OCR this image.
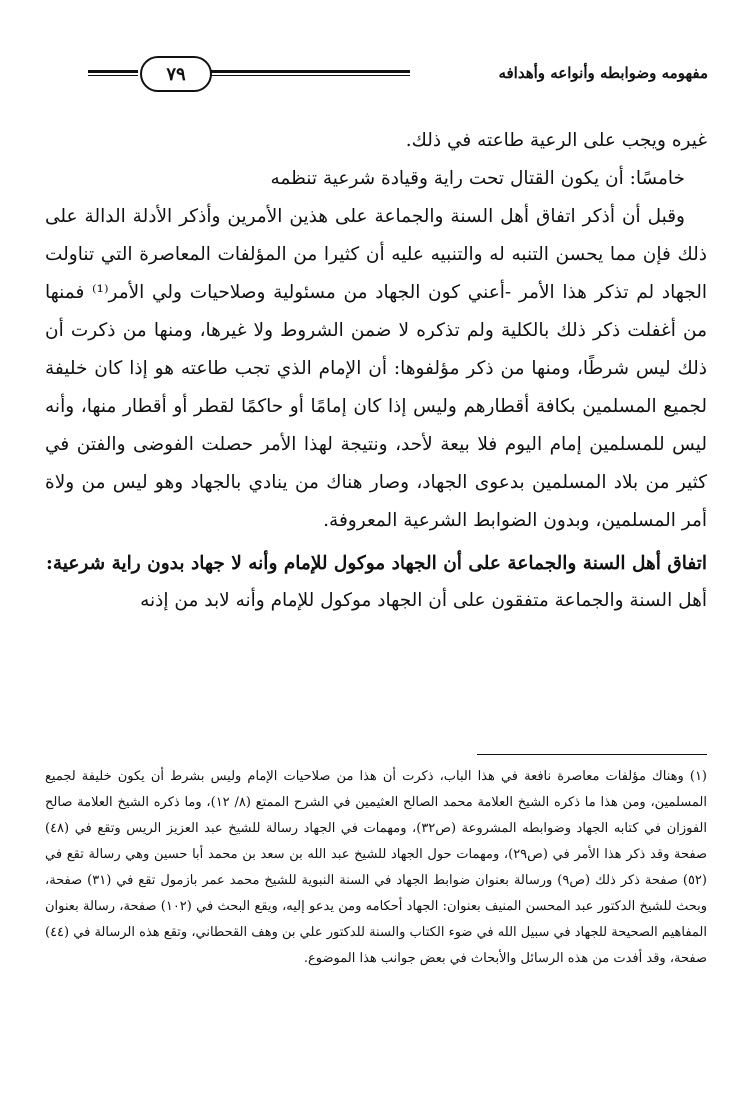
٧٩	مفهومه وضوابطه وأنواعه وأهدافه

غيره ويجب على الرعية طاعته في ذلك.

خامسًا: أن يكون القتال تحت راية وقيادة شرعية تنظمه

وقبل أن أذكر اتفاق أهل السنة والجماعة على هذين الأمرين وأذكر الأدلة الدالة على ذلك فإن مما يحسن التنبه له والتنبيه عليه أن كثيرا من المؤلفات المعاصرة التي تناولت الجهاد لم تذكر هذا الأمر -أعني كون الجهاد من مسئولية وصلاحيات ولي الأمر⁽¹⁾ فمنها من أغفلت ذكر ذلك بالكلية ولم تذكره لا ضمن الشروط ولا غيرها، ومنها من ذكرت أن ذلك ليس شرطًا، ومنها من ذكر مؤلفوها: أن الإمام الذي تجب طاعته هو إذا كان خليفة لجميع المسلمين بكافة أقطارهم وليس إذا كان إمامًا أو حاكمًا لقطر أو أقطار منها، وأنه ليس للمسلمين إمام اليوم فلا بيعة لأحد، ونتيجة لهذا الأمر حصلت الفوضى والفتن في كثير من بلاد المسلمين بدعوى الجهاد، وصار هناك من ينادي بالجهاد وهو ليس من ولاة أمر المسلمين، وبدون الضوابط الشرعية المعروفة.

اتفاق أهل السنة والجماعة على أن الجهاد موكول للإمام وأنه لا جهاد بدون راية شرعية:

أهل السنة والجماعة متفقون على أن الجهاد موكول للإمام وأنه لابد من إذنه

(١) وهناك مؤلفات معاصرة نافعة في هذا الباب، ذكرت أن هذا من صلاحيات الإمام وليس بشرط أن يكون خليفة لجميع المسلمين، ومن هذا ما ذكره الشيخ العلامة محمد الصالح العثيمين في الشرح الممتع (٨/ ١٢)، وما ذكره الشيخ العلامة صالح الفوزان في كتابه الجهاد وضوابطه المشروعة (ص٣٢)، ومهمات في الجهاد رسالة للشيخ عبد العزيز الريس وتقع في (٤٨) صفحة وقد ذكر هذا الأمر في (ص٢٩)، ومهمات حول الجهاد للشيخ عبد الله بن سعد بن محمد أبا حسين وهي رسالة تقع في (٥٢) صفحة ذكر ذلك (ص٩) ورسالة بعنوان ضوابط الجهاد في السنة النبوية للشيخ محمد عمر بازمول تقع في (٣١) صفحة، وبحث للشيخ الدكتور عبد المحسن المنيف بعنوان: الجهاد أحكامه ومن يدعو إليه، ويقع البحث في (١٠٢) صفحة، رسالة بعنوان المفاهيم الصحيحة للجهاد في سبيل الله في ضوء الكتاب والسنة للدكتور علي بن وهف القحطاني، وتقع هذه الرسالة في (٤٤) صفحة، وقد أفدت من هذه الرسائل والأبحاث في بعض جوانب هذا الموضوع.
